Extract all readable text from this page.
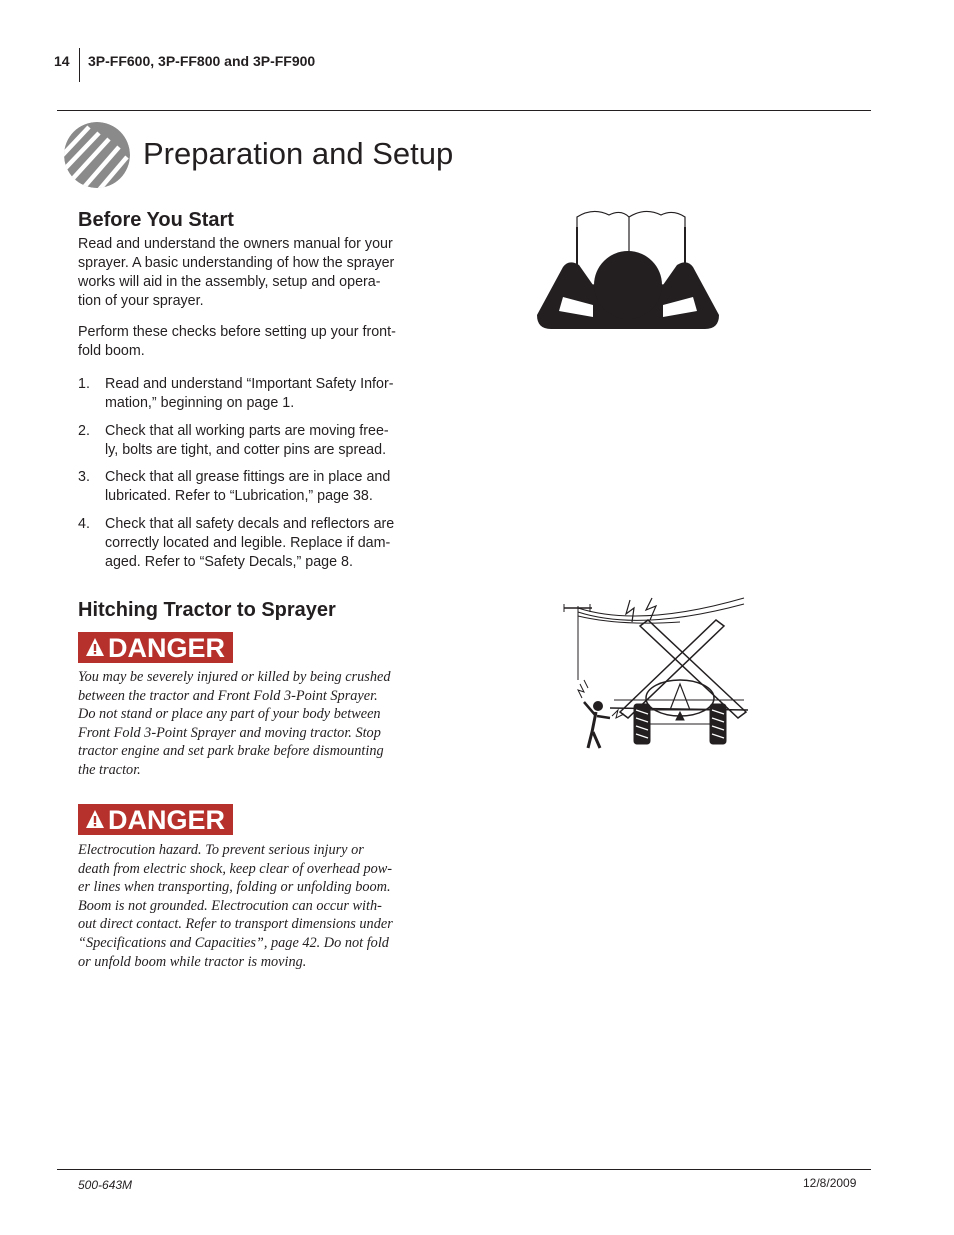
14 3P-FF600, 3P-FF800 and 3P-FF900
Preparation and Setup
Before You Start

Read and understand the owners manual for your

sprayer. A basic understanding of how the sprayer

works will aid in the assembly, setup and opera-

tion of your sprayer.

Perform these checks before setting up your front-

fold boom.

1. Read and understand “Important Safety Infor-
mation,” beginning on page 1.
2. Check that all working parts are moving free-
ly, bolts are tight, and cotter pins are spread.
3. Check that all grease fittings are in place and
lubricated. Refer to “Lubrication,” page 38.
4. Check that all safety decals and reflectors are
correctly located and legible. Replace if dam-
aged. Refer to “Safety Decals,” page 8.
Hitching Tractor to Sprayer
DANGER
You may be severely injured or killed by being crushed
between the tractor and Front Fold 3-Point Sprayer.
Do not stand or place any part of your body between
Front Fold 3-Point Sprayer and moving tractor. Stop
tractor engine and set park brake before dismounting
the tractor.
DANGER
Electrocution hazard. To prevent serious injury or
death from electric shock, keep clear of overhead pow-
er lines when transporting, folding or unfolding boom.
Boom is not grounded. Electrocution can occur with-
out direct contact. Refer to transport dimensions under
“Specifications and Capacities”, page 42. Do not fold
or unfold boom while tractor is moving.
500-643M	12/8/2009
